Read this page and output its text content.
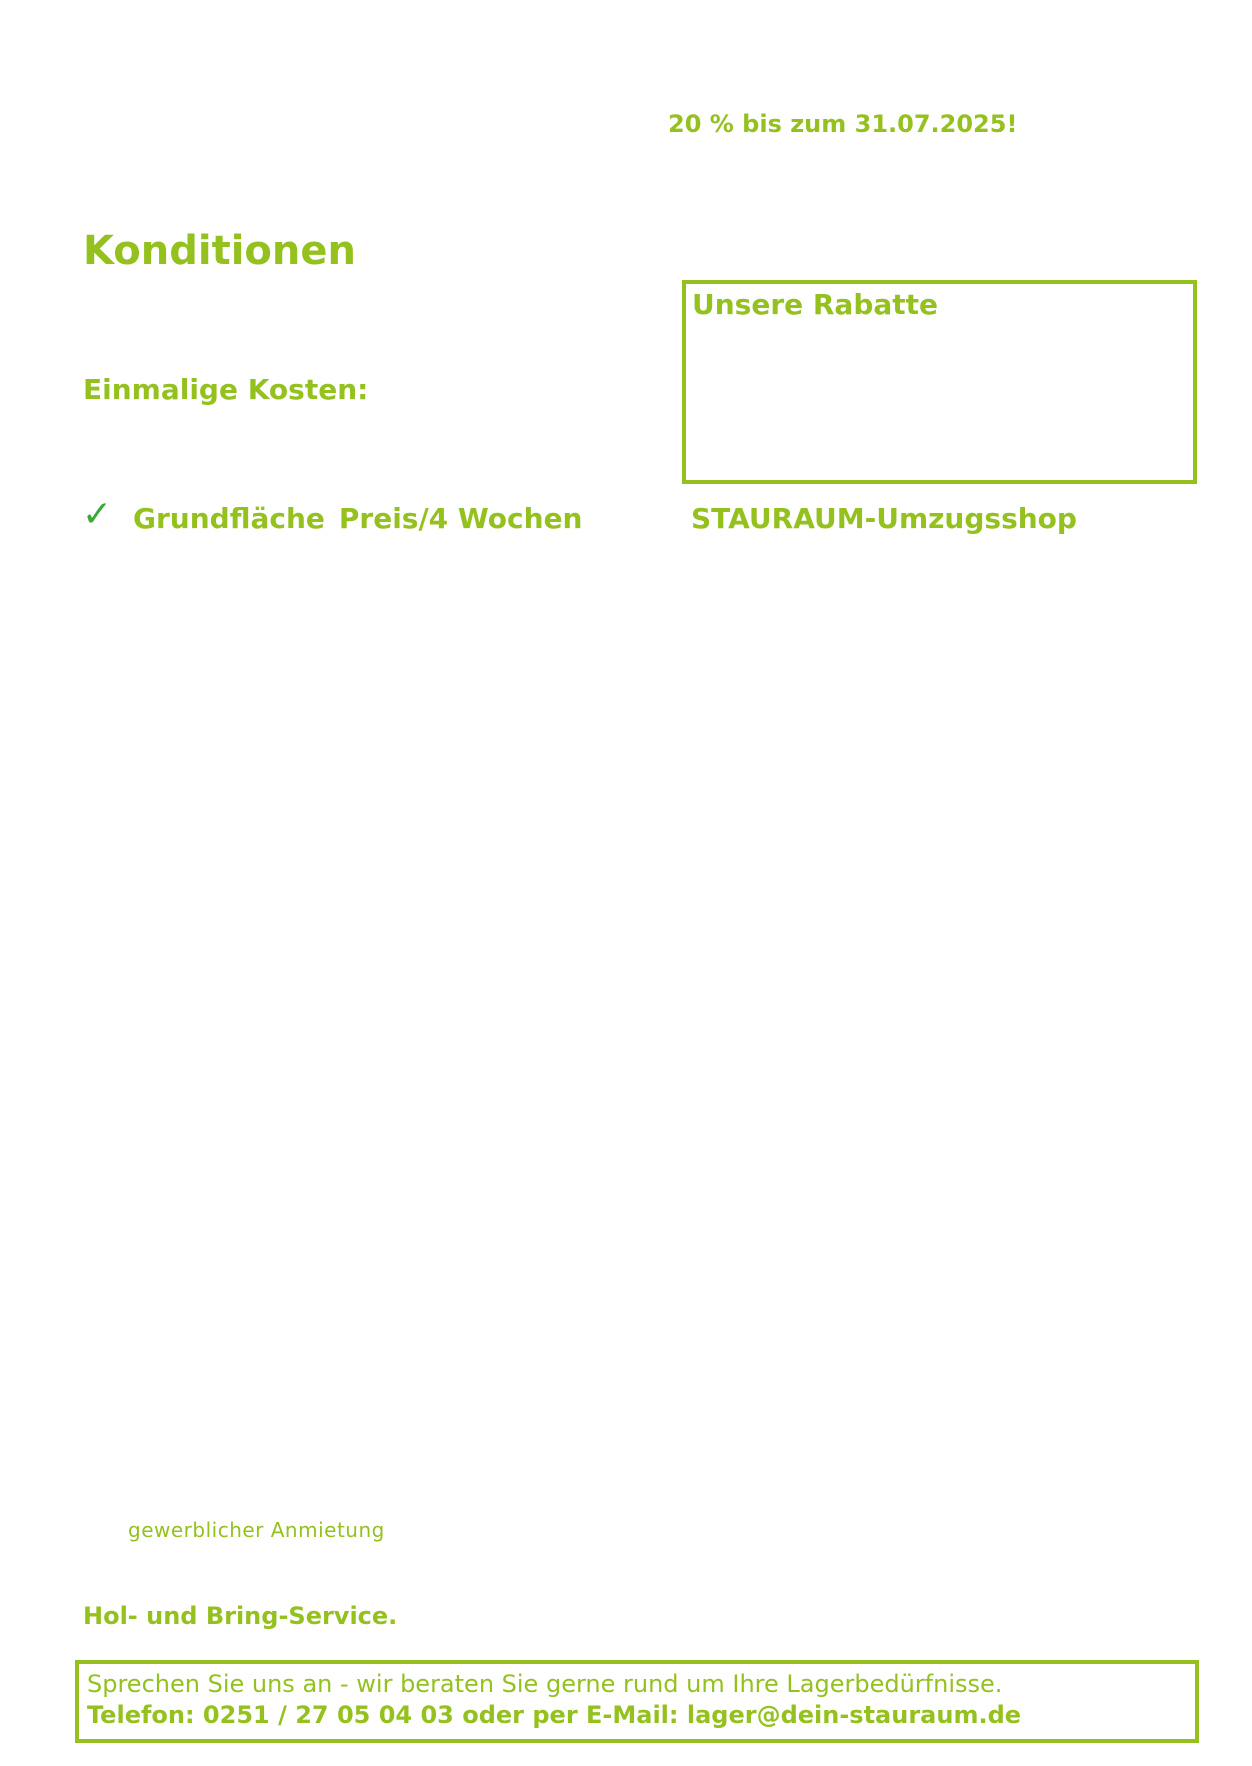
20 % bis zum 31.07.2025!
Konditionen
Unsere Rabatte
Einmalige Kosten:
✓ Grundfläche Preis/4 Wochen	STAURAUM-Umzugsshop
gewerblicher Anmietung
Hol- und Bring-Service.
Sprechen Sie uns an - wir beraten Sie gerne rund um Ihre Lagerbedürfnisse.
Telefon: 0251 / 27 05 04 03 oder per E-Mail: lager@dein-stauraum.de
